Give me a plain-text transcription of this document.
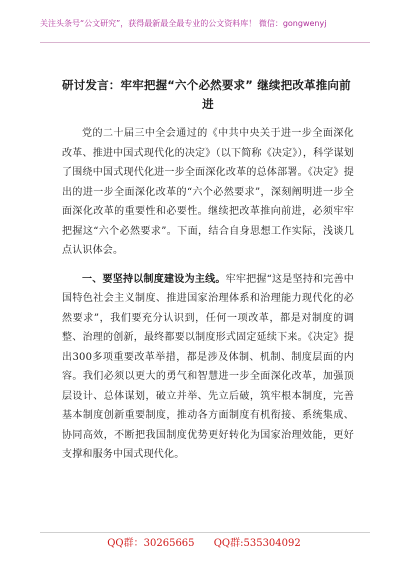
关注头条号“公文研究”，获得最新最全最专业的公文资料库！ 微信：gongwenyj
研讨发言：牢牢把握“六个必然要求” 继续把改革推向前
进

党的二十届三中全会通过的《中共中央关于进一步全面深化改革、推进中国式现代化的决定》（以下简称《决定》），科学谋划了围绕中国式现代化进一步全面深化改革的总体部署。《决定》提出的进一步全面深化改革的“六个必然要求”，深刻阐明进一步全面深化改革的重要性和必要性。继续把改革推向前进，必须牢牢把握这“六个必然要求”。下面，结合自身思想工作实际，浅谈几点认识体会。

一、要坚持以制度建设为主线。牢牢把握“这是坚持和完善中国特色社会主义制度、推进国家治理体系和治理能力现代化的必然要求”，我们要充分认识到，任何一项改革，都是对制度的调整、治理的创新，最终都要以制度形式固定延续下来。《决定》提出300多项重要改革举措，都是涉及体制、机制、制度层面的内容。我们必须以更大的勇气和智慧进一步全面深化改革，加强顶层设计、总体谋划，破立并举、先立后破，筑牢根本制度，完善基本制度创新重要制度，推动各方面制度有机衔接、系统集成、协同高效，不断把我国制度优势更好转化为国家治理效能，更好支撑和服务中国式现代化。

QQ群：30265665 QQ群:535304092
